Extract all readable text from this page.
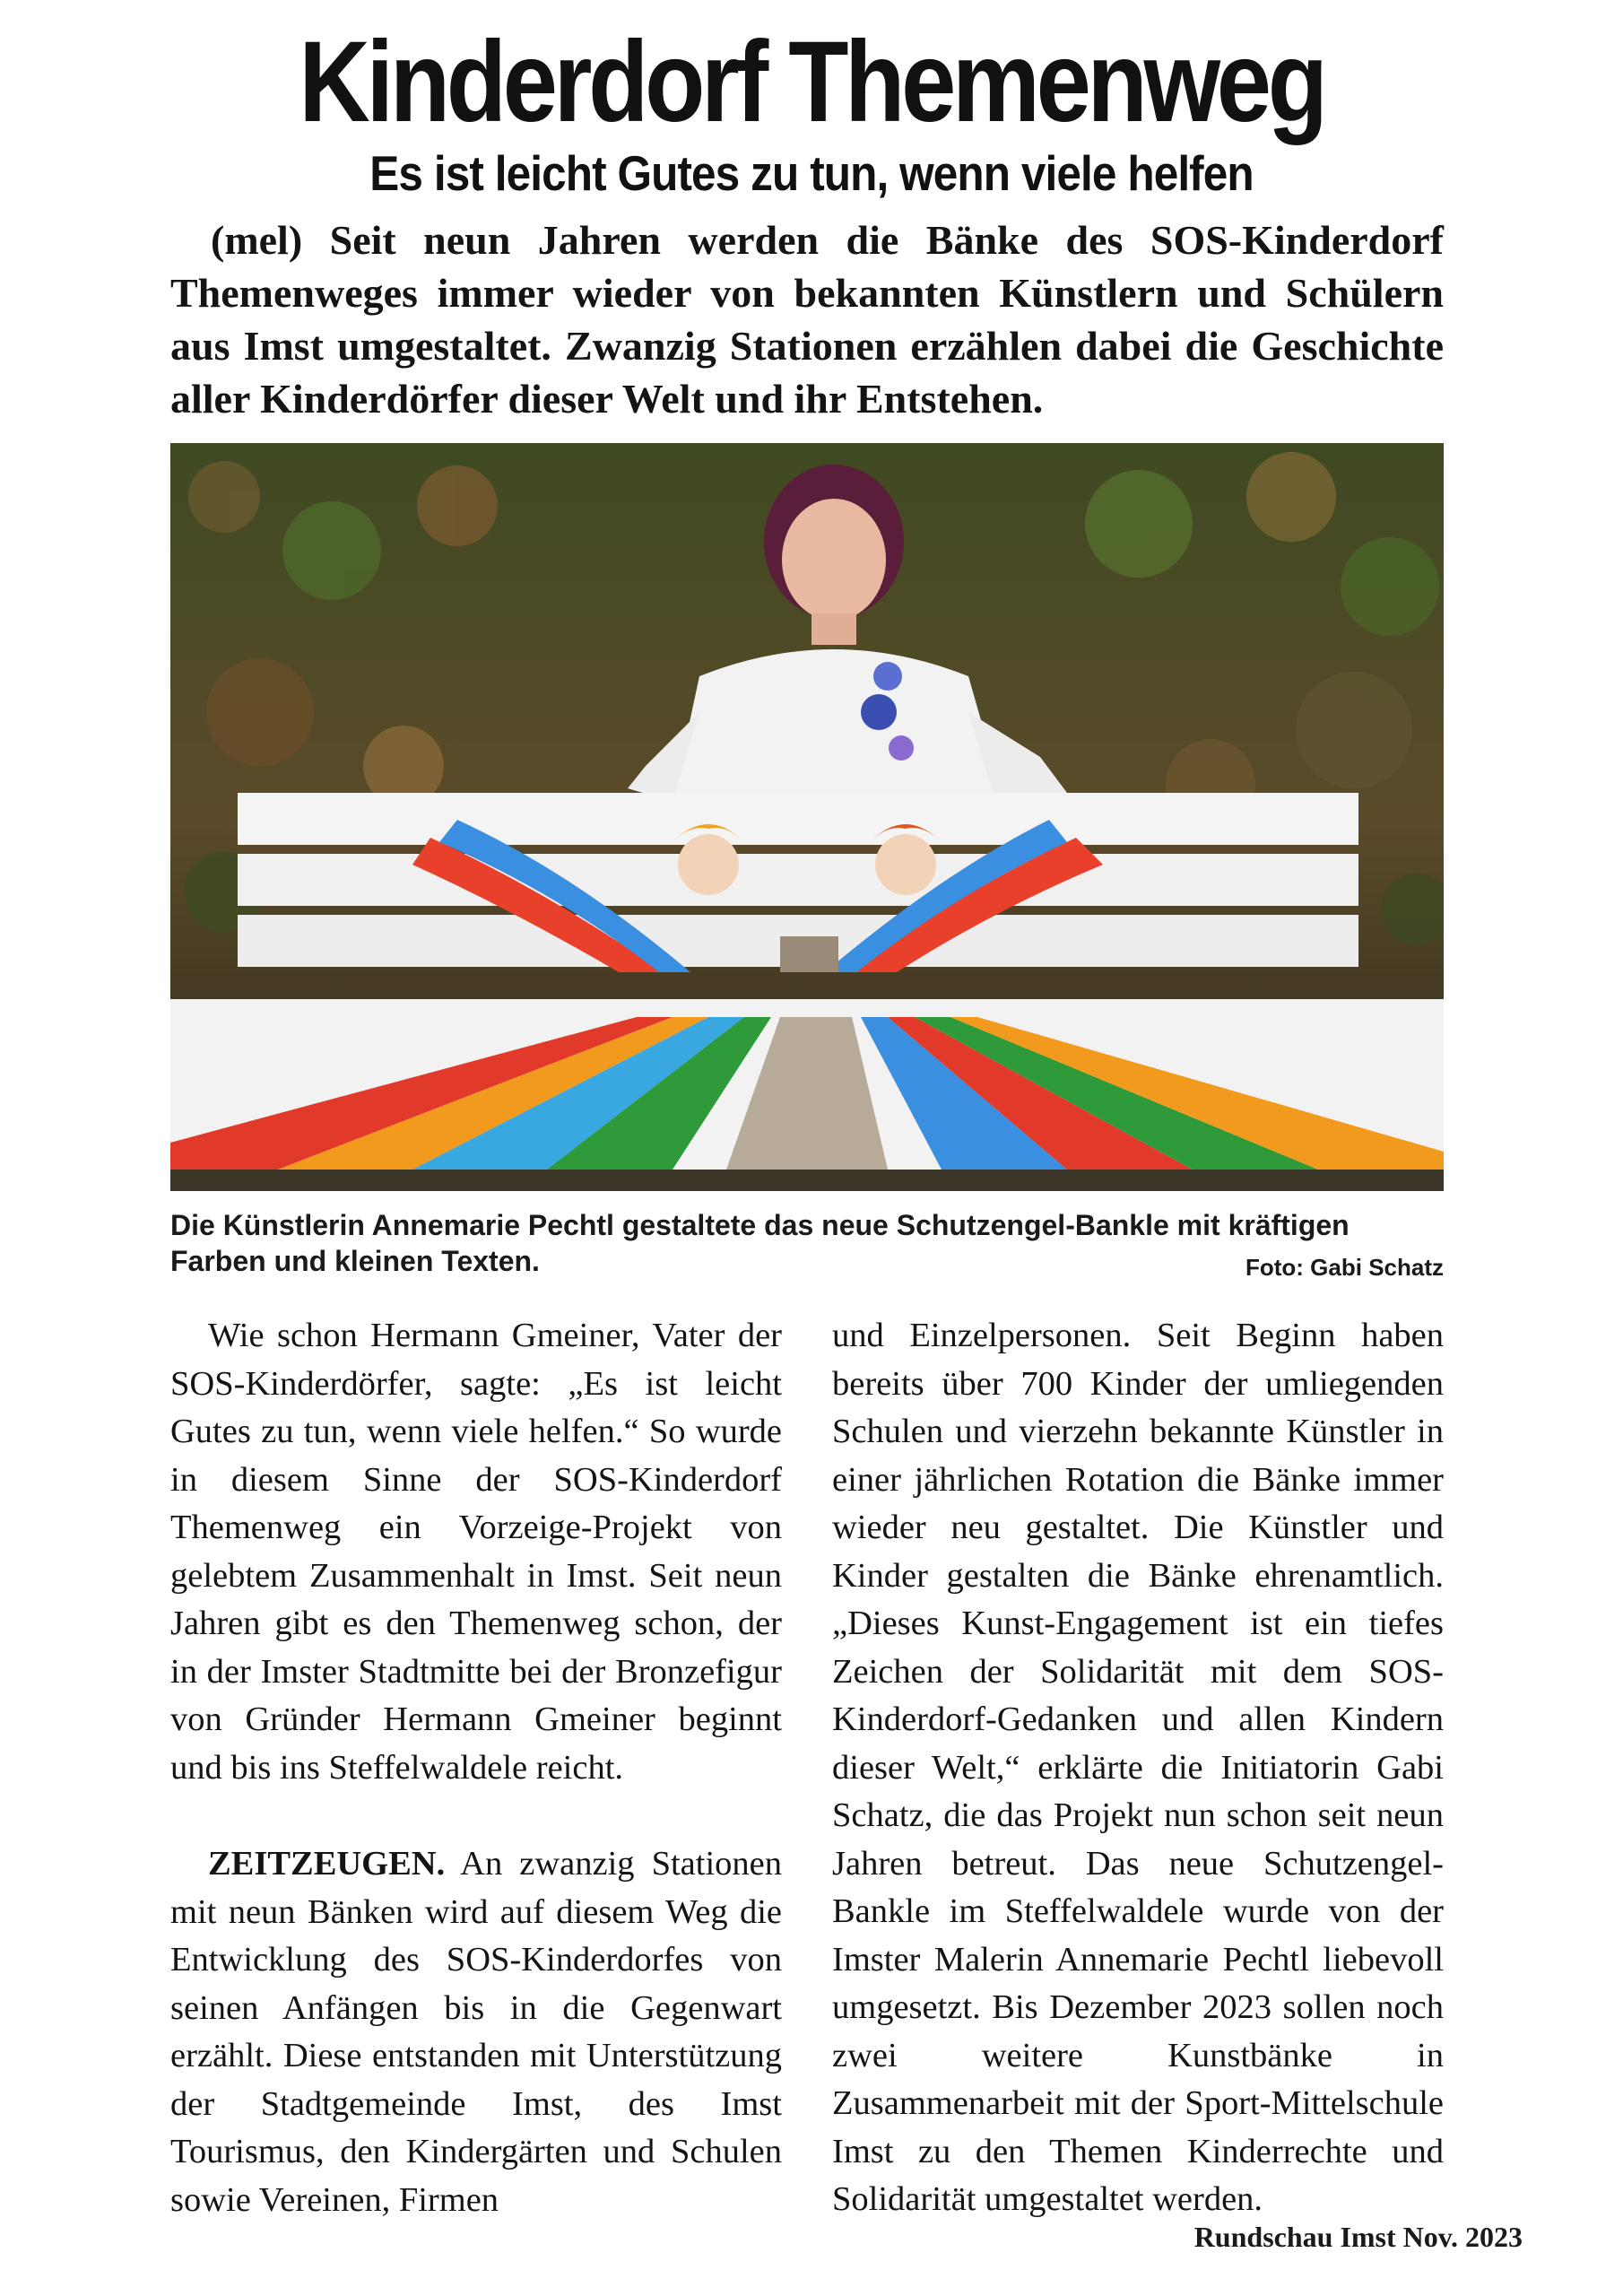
Kinderdorf Themenweg
Es ist leicht Gutes zu tun, wenn viele helfen

(mel) Seit neun Jahren werden die Bänke des SOS-Kinderdorf Themenweges immer wieder von bekannten Künstlern und Schülern aus Imst umgestaltet. Zwanzig Stationen erzählen dabei die Geschichte aller Kinderdörfer dieser Welt und ihr Entstehen.

Die Künstlerin Annemarie Pechtl gestaltete das neue Schutzengel-Bankle mit kräftigen Farben und kleinen Texten.	Foto: Gabi Schatz

Wie schon Hermann Gmeiner, Vater der SOS-Kinderdörfer, sagte: „Es ist leicht Gutes zu tun, wenn viele helfen.“ So wurde in diesem Sinne der SOS-Kinderdorf Themenweg ein Vorzeige-Projekt von gelebtem Zusammenhalt in Imst. Seit neun Jahren gibt es den Themenweg schon, der in der Imster Stadtmitte bei der Bronzefigur von Gründer Hermann Gmeiner beginnt und bis ins Steffelwaldele reicht.

ZEITZEUGEN. An zwanzig Stationen mit neun Bänken wird auf diesem Weg die Entwicklung des SOS-Kinderdorfes von seinen Anfängen bis in die Gegenwart erzählt. Diese entstanden mit Unterstützung der Stadtgemeinde Imst, des Imst Tourismus, den Kindergärten und Schulen sowie Vereinen, Firmen

und Einzelpersonen. Seit Beginn haben bereits über 700 Kinder der umliegenden Schulen und vierzehn bekannte Künstler in einer jährlichen Rotation die Bänke immer wieder neu gestaltet. Die Künstler und Kinder gestalten die Bänke ehrenamtlich. „Dieses Kunst-Engagement ist ein tiefes Zeichen der Solidarität mit dem SOS-Kinderdorf-Gedanken und allen Kindern dieser Welt,“ erklärte die Initiatorin Gabi Schatz, die das Projekt nun schon seit neun Jahren betreut. Das neue Schutzengel-Bankle im Steffelwaldele wurde von der Imster Malerin Annemarie Pechtl liebevoll umgesetzt. Bis Dezember 2023 sollen noch zwei weitere Kunstbänke in Zusammenarbeit mit der Sport-Mittelschule Imst zu den Themen Kinderrechte und Solidarität umgestaltet werden.

Rundschau Imst Nov. 2023
